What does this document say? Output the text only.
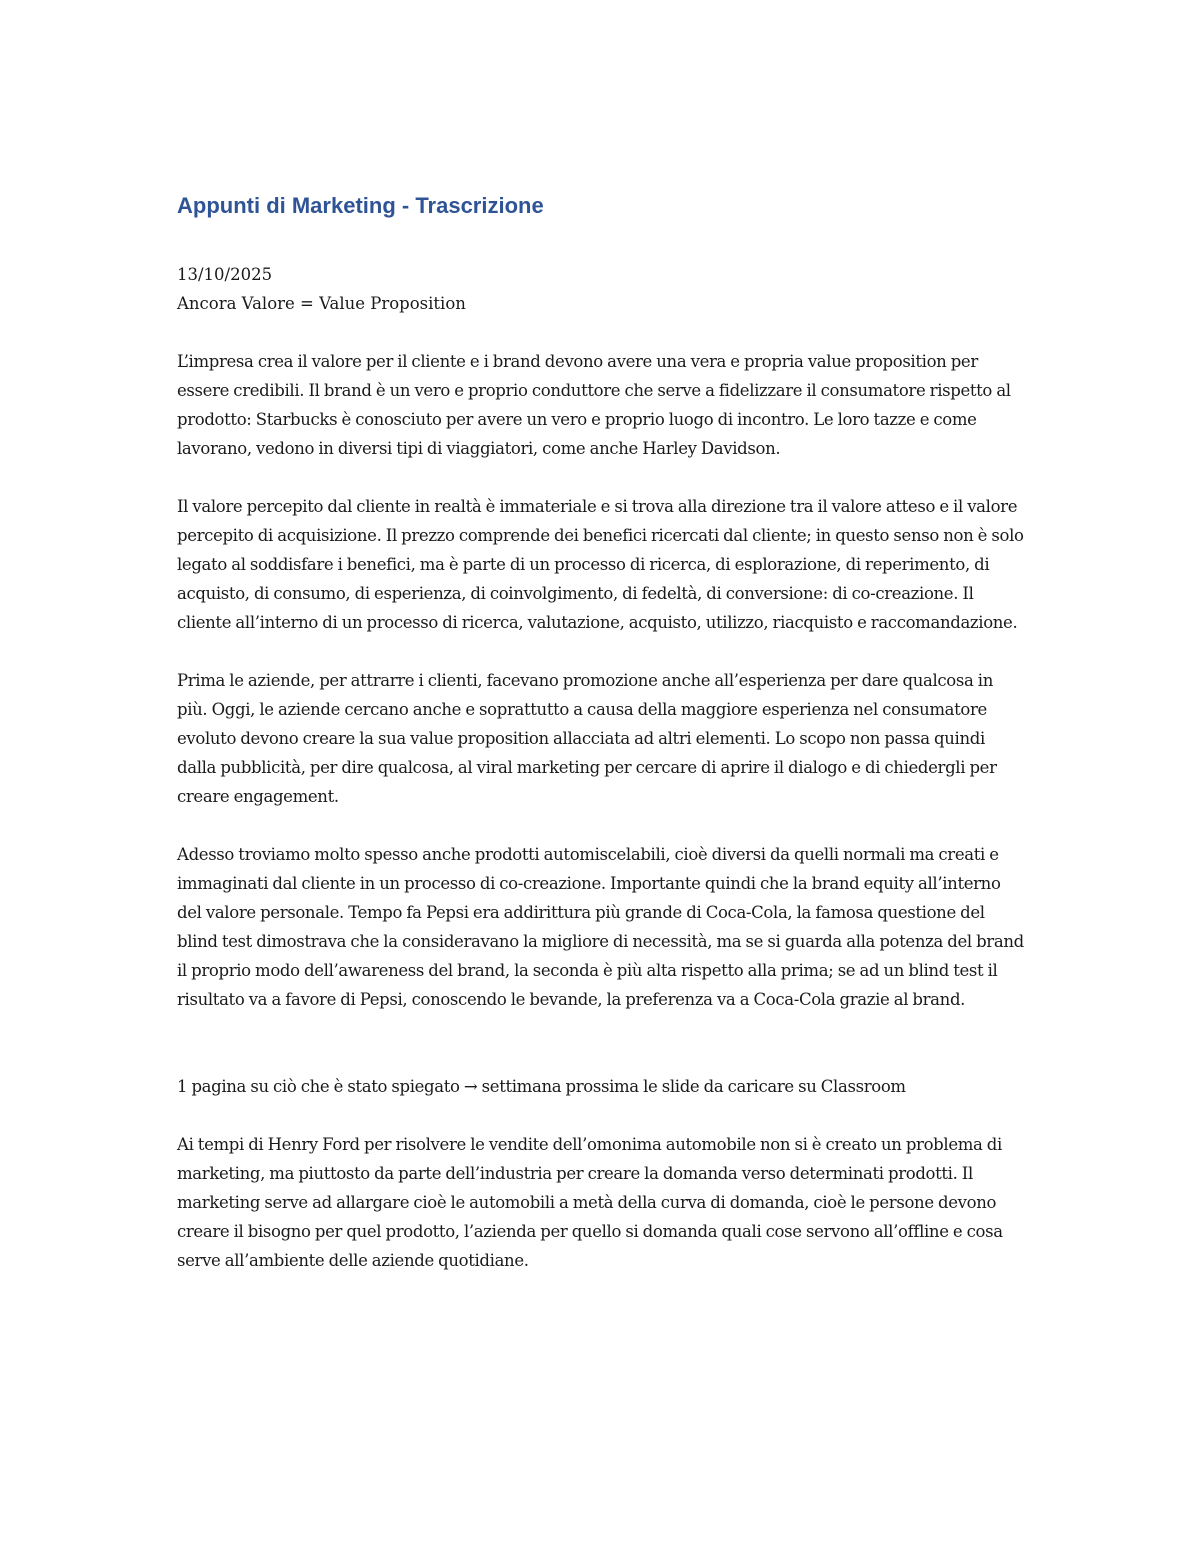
Appunti di Marketing - Trascrizione
13/10/2025
Ancora Valore = Value Proposition

L’impresa crea il valore per il cliente e i brand devono avere una vera e propria value proposition per essere credibili. Il brand è un vero e proprio conduttore che serve a fidelizzare il consumatore rispetto al prodotto: Starbucks è conosciuto per avere un vero e proprio luogo di incontro. Le loro tazze e come lavorano, vedono in diversi tipi di viaggiatori, come anche Harley Davidson.

Il valore percepito dal cliente in realtà è immateriale e si trova alla direzione tra il valore atteso e il valore percepito di acquisizione. Il prezzo comprende dei benefici ricercati dal cliente; in questo senso non è solo legato al soddisfare i benefici, ma è parte di un processo di ricerca, di esplorazione, di reperimento, di acquisto, di consumo, di esperienza, di coinvolgimento, di fedeltà, di conversione: di co-creazione. Il cliente all’interno di un processo di ricerca, valutazione, acquisto, utilizzo, riacquisto e raccomandazione.

Prima le aziende, per attrarre i clienti, facevano promozione anche all’esperienza per dare qualcosa in più. Oggi, le aziende cercano anche e soprattutto a causa della maggiore esperienza nel consumatore evoluto devono creare la sua value proposition allacciata ad altri elementi. Lo scopo non passa quindi dalla pubblicità, per dire qualcosa, al viral marketing per cercare di aprire il dialogo e di chiedergli per creare engagement.

Adesso troviamo molto spesso anche prodotti automiscelabili, cioè diversi da quelli normali ma creati e immaginati dal cliente in un processo di co-creazione. Importante quindi che la brand equity all’interno del valore personale. Tempo fa Pepsi era addirittura più grande di Coca-Cola, la famosa questione del blind test dimostrava che la consideravano la migliore di necessità, ma se si guarda alla potenza del brand il proprio modo dell’awareness del brand, la seconda è più alta rispetto alla prima; se ad un blind test il risultato va a favore di Pepsi, conoscendo le bevande, la preferenza va a Coca-Cola grazie al brand.

1 pagina su ciò che è stato spiegato → settimana prossima le slide da caricare su Classroom

Ai tempi di Henry Ford per risolvere le vendite dell’omonima automobile non si è creato un problema di marketing, ma piuttosto da parte dell’industria per creare la domanda verso determinati prodotti. Il marketing serve ad allargare cioè le automobili a metà della curva di domanda, cioè le persone devono creare il bisogno per quel prodotto, l’azienda per quello si domanda quali cose servono all’offline e cosa serve all’ambiente delle aziende quotidiane.
